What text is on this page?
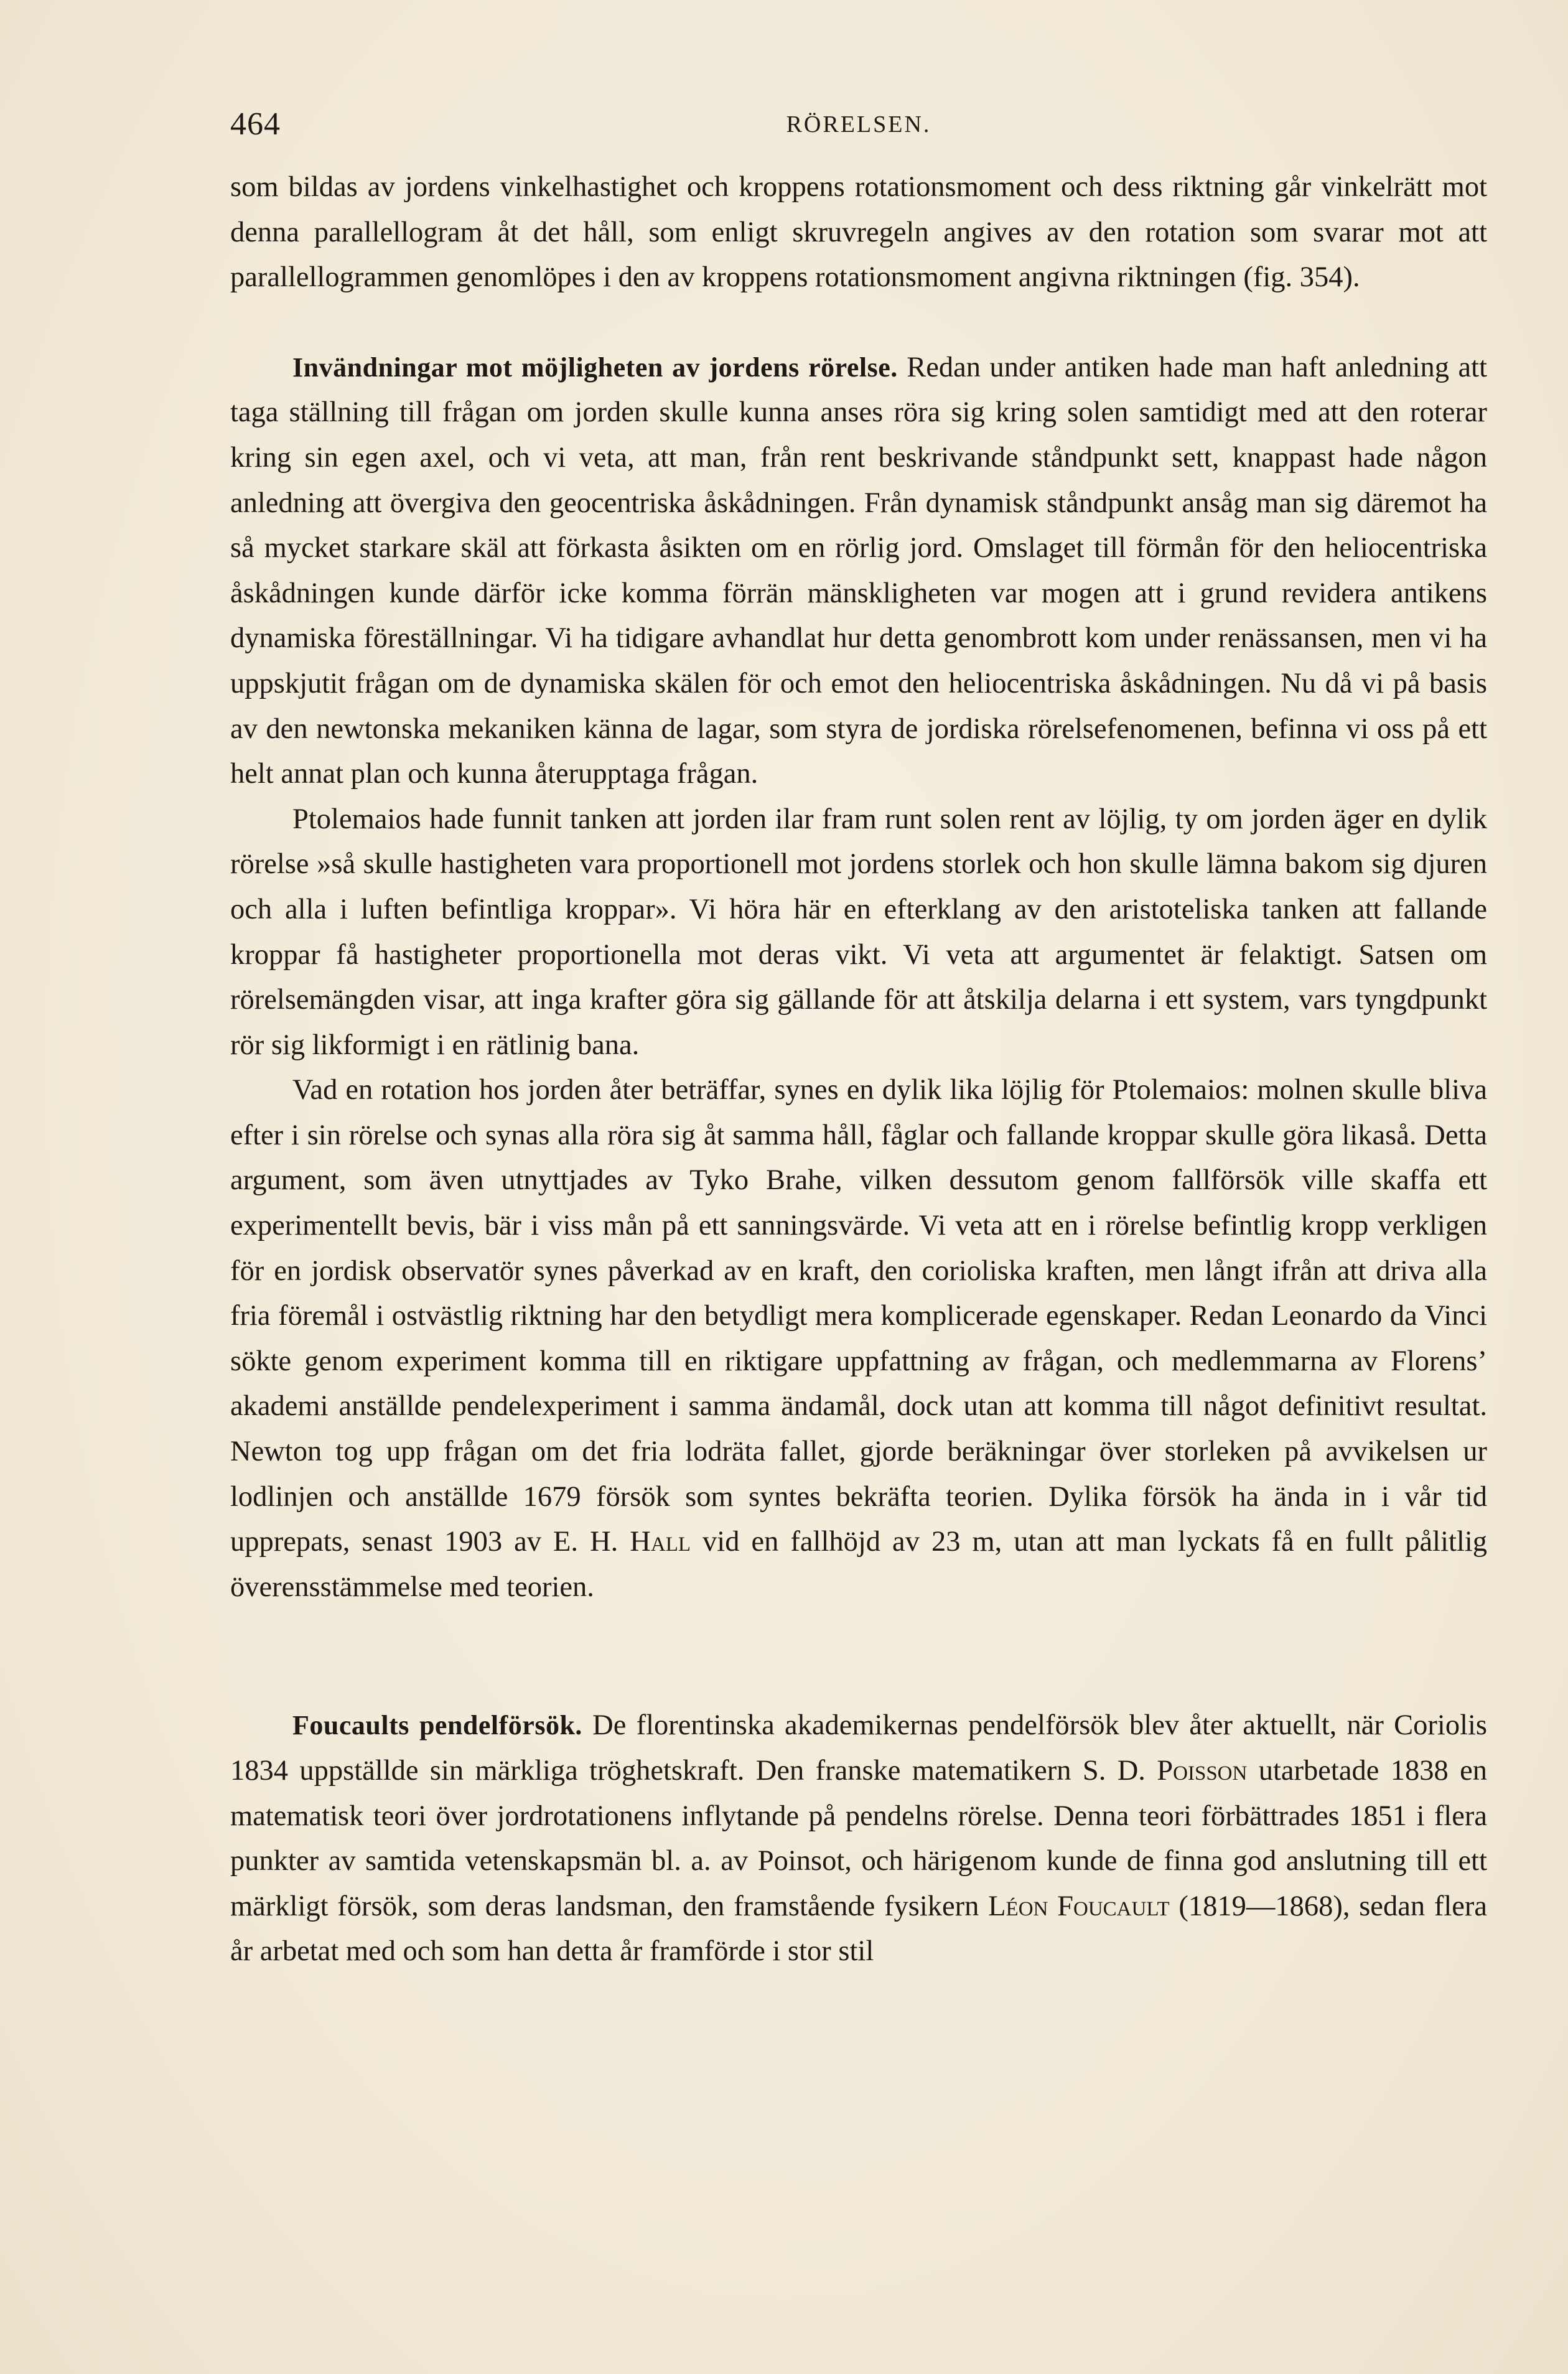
464	RÖRELSEN.

som bildas av jordens vinkelhastighet och kroppens rotationsmoment och dess riktning går vinkelrätt mot denna parallellogram åt det håll, som enligt skruvregeln angives av den rotation som svarar mot att parallellogrammen genomlöpes i den av kroppens rotationsmoment angivna riktningen (fig. 354).

Invändningar mot möjligheten av jordens rörelse. Redan under antiken hade man haft anledning att taga ställning till frågan om jorden skulle kunna anses röra sig kring solen samtidigt med att den roterar kring sin egen axel, och vi veta, att man, från rent beskrivande ståndpunkt sett, knappast hade någon anledning att övergiva den geocentriska åskådningen. Från dynamisk ståndpunkt ansåg man sig däremot ha så mycket starkare skäl att förkasta åsikten om en rörlig jord. Omslaget till förmån för den heliocentriska åskådningen kunde därför icke komma förrän mänskligheten var mogen att i grund revidera antikens dynamiska föreställningar. Vi ha tidigare avhandlat hur detta genombrott kom under renässansen, men vi ha uppskjutit frågan om de dynamiska skälen för och emot den heliocentriska åskådningen. Nu då vi på basis av den newtonska mekaniken känna de lagar, som styra de jordiska rörelsefenomenen, befinna vi oss på ett helt annat plan och kunna återupptaga frågan.

Ptolemaios hade funnit tanken att jorden ilar fram runt solen rent av löjlig, ty om jorden äger en dylik rörelse »så skulle hastigheten vara proportionell mot jordens storlek och hon skulle lämna bakom sig djuren och alla i luften befintliga kroppar». Vi höra här en efterklang av den aristoteliska tanken att fallande kroppar få hastigheter proportionella mot deras vikt. Vi veta att argumentet är felaktigt. Satsen om rörelsemängden visar, att inga krafter göra sig gällande för att åtskilja delarna i ett system, vars tyngdpunkt rör sig likformigt i en rätlinig bana.

Vad en rotation hos jorden åter beträffar, synes en dylik lika löjlig för Ptolemaios: molnen skulle bliva efter i sin rörelse och synas alla röra sig åt samma håll, fåglar och fallande kroppar skulle göra likaså. Detta argument, som även utnyttjades av Tyko Brahe, vilken dessutom genom fallförsök ville skaffa ett experimentellt bevis, bär i viss mån på ett sanningsvärde. Vi veta att en i rörelse befintlig kropp verkligen för en jordisk observatör synes påverkad av en kraft, den corioliska kraften, men långt ifrån att driva alla fria föremål i ostvästlig riktning har den betydligt mera komplicerade egenskaper. Redan Leonardo da Vinci sökte genom experiment komma till en riktigare uppfattning av frågan, och medlemmarna av Florens’ akademi anställde pendelexperiment i samma ändamål, dock utan att komma till något definitivt resultat. Newton tog upp frågan om det fria lodräta fallet, gjorde beräkningar över storleken på avvikelsen ur lodlinjen och anställde 1679 försök som syntes bekräfta teorien. Dylika försök ha ända in i vår tid upprepats, senast 1903 av E. H. Hall vid en fallhöjd av 23 m, utan att man lyckats få en fullt pålitlig överensstämmelse med teorien.

Foucaults pendelförsök. De florentinska akademikernas pendelförsök blev åter aktuellt, när Coriolis 1834 uppställde sin märkliga tröghetskraft. Den franske matematikern S. D. Poisson utarbetade 1838 en matematisk teori över jordrotationens inflytande på pendelns rörelse. Denna teori förbättrades 1851 i flera punkter av samtida vetenskapsmän bl. a. av Poinsot, och härigenom kunde de finna god anslutning till ett märkligt försök, som deras landsman, den framstående fysikern Léon Foucault (1819—1868), sedan flera år arbetat med och som han detta år framförde i stor stil
